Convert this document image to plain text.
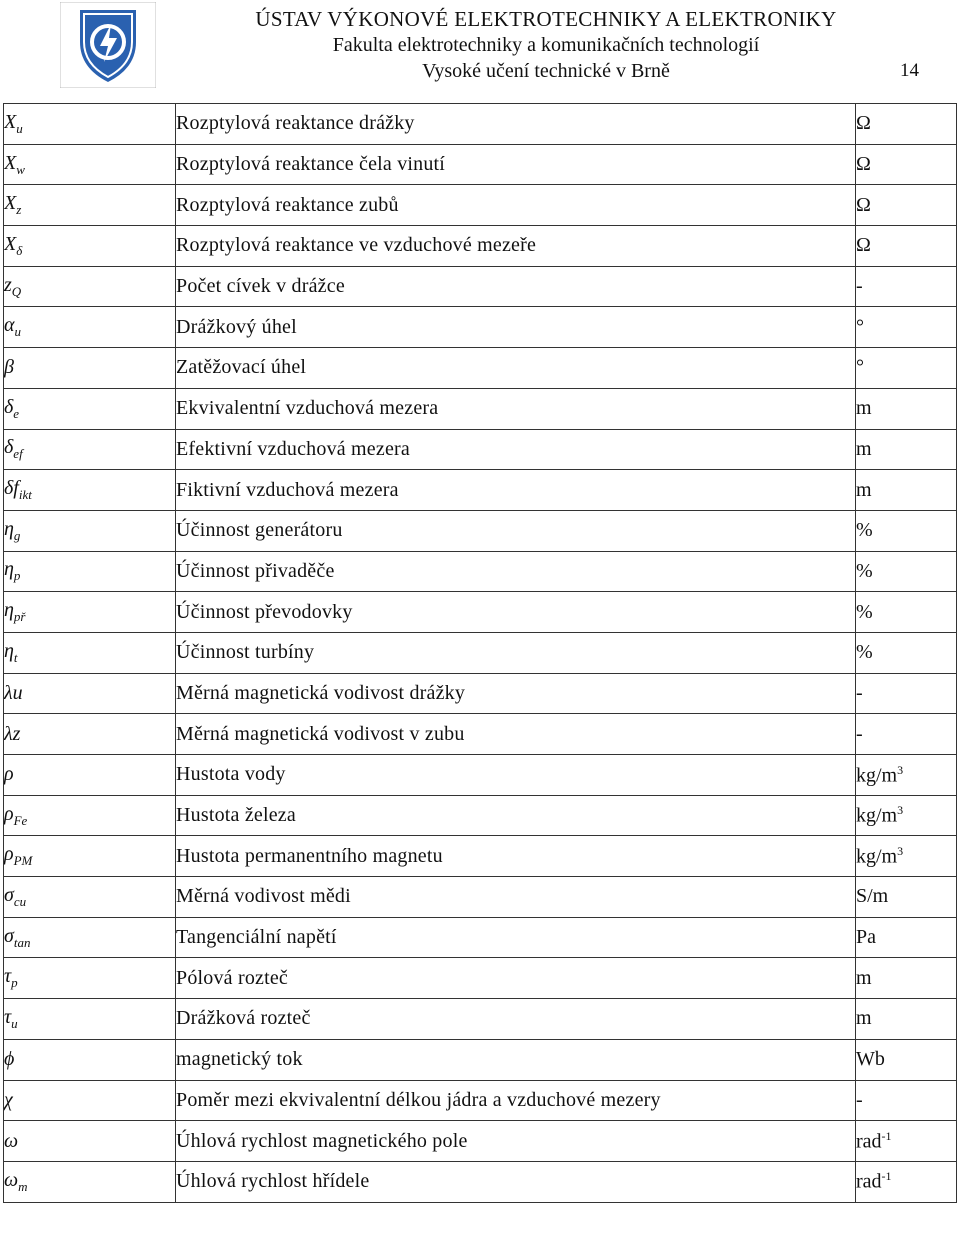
ÚSTAV VÝKONOVÉ ELEKTROTECHNIKY A ELEKTRONIKY
Fakulta elektrotechniky a komunikačních technologií
Vysoké učení technické v Brně	14
$X_u$	Rozptylová reaktance drážky	Ω
$X_w$	Rozptylová reaktance čela vinutí	Ω
$X_z$	Rozptylová reaktance zubů	Ω
$X_\delta$	Rozptylová reaktance ve vzduchové mezeře	Ω
$z_Q$	Počet cívek v drážce	-
$\alpha_u$	Drážkový úhel	°
β	Zatěžovací úhel	°
$\delta_e$	Ekvivalentní vzduchová mezera	m
$\delta_{ef}$	Efektivní vzduchová mezera	m
$\delta f_{ikt}$	Fiktivní vzduchová mezera	m
$\eta_g$	Účinnost generátoru	%
$\eta_p$	Účinnost přivaděče	%
$\eta_{př}$	Účinnost převodovky	%
$\eta_t$	Účinnost turbíny	%
λu	Měrná magnetická vodivost drážky	-
λz	Měrná magnetická vodivost v zubu	-
ρ	Hustota vody	$kg/m^3$
$\rho_{Fe}$	Hustota železa	$kg/m^3$
$\rho_{PM}$	Hustota permanentního magnetu	$kg/m^3$
$\sigma_{cu}$	Měrná vodivost mědi	S/m
$\sigma_{tan}$	Tangenciální napětí	Pa
$\tau_p$	Pólová rozteč	m
$\tau_u$	Drážková rozteč	m
ϕ	magnetický tok	Wb
χ	Poměr mezi ekvivalentní délkou jádra a vzduchové mezery	-
ω	Úhlová rychlost magnetického pole	rad$^{-1}$
$\omega_m$	Úhlová rychlost hřídele	rad$^{-1}$
